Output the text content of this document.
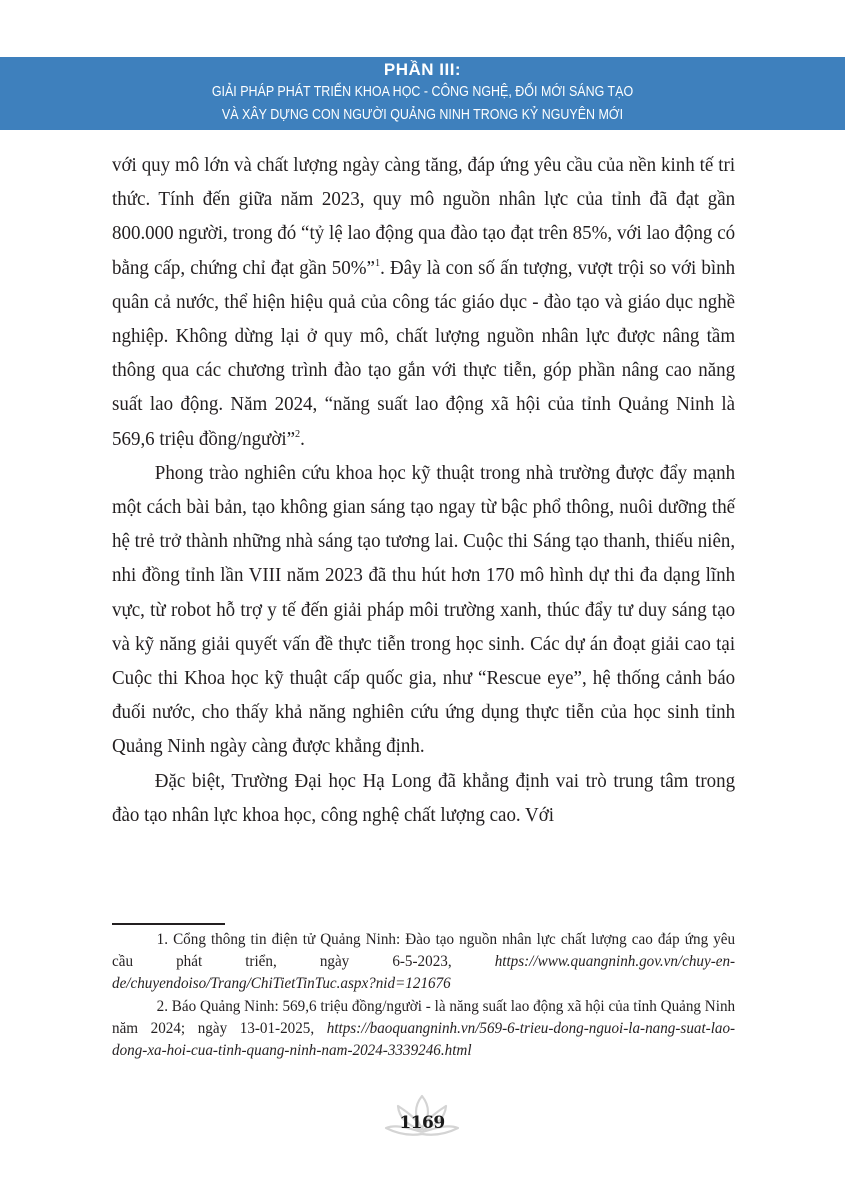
PHẦN III:
GIẢI PHÁP PHÁT TRIỂN KHOA HỌC - CÔNG NGHỆ, ĐỔI MỚI SÁNG TẠO
VÀ XÂY DỰNG CON NGƯỜI QUẢNG NINH TRONG KỶ NGUYÊN MỚI

với quy mô lớn và chất lượng ngày càng tăng, đáp ứng yêu cầu của nền kinh tế tri thức. Tính đến giữa năm 2023, quy mô nguồn nhân lực của tỉnh đã đạt gần 800.000 người, trong đó “tỷ lệ lao động qua đào tạo đạt trên 85%, với lao động có bằng cấp, chứng chỉ đạt gần 50%”$^1$. Đây là con số ấn tượng, vượt trội so với bình quân cả nước, thể hiện hiệu quả của công tác giáo dục - đào tạo và giáo dục nghề nghiệp. Không dừng lại ở quy mô, chất lượng nguồn nhân lực được nâng tầm thông qua các chương trình đào tạo gắn với thực tiễn, góp phần nâng cao năng suất lao động. Năm 2024, “năng suất lao động xã hội của tỉnh Quảng Ninh là 569,6 triệu đồng/người”$^2$.

Phong trào nghiên cứu khoa học kỹ thuật trong nhà trường được đẩy mạnh một cách bài bản, tạo không gian sáng tạo ngay từ bậc phổ thông, nuôi dưỡng thế hệ trẻ trở thành những nhà sáng tạo tương lai. Cuộc thi Sáng tạo thanh, thiếu niên, nhi đồng tỉnh lần VIII năm 2023 đã thu hút hơn 170 mô hình dự thi đa dạng lĩnh vực, từ robot hỗ trợ y tế đến giải pháp môi trường xanh, thúc đẩy tư duy sáng tạo và kỹ năng giải quyết vấn đề thực tiễn trong học sinh. Các dự án đoạt giải cao tại Cuộc thi Khoa học kỹ thuật cấp quốc gia, như “Rescue eye”, hệ thống cảnh báo đuối nước, cho thấy khả năng nghiên cứu ứng dụng thực tiễn của học sinh tỉnh Quảng Ninh ngày càng được khẳng định.

Đặc biệt, Trường Đại học Hạ Long đã khẳng định vai trò trung tâm trong đào tạo nhân lực khoa học, công nghệ chất lượng cao. Với

1. Cổng thông tin điện tử Quảng Ninh: Đào tạo nguồn nhân lực chất lượng cao đáp ứng yêu cầu phát triển, ngày 6-5-2023, https://www.quangninh.gov.vn/chuy-en-de/chuyendoiso/Trang/ChiTietTinTuc.aspx?nid=121676

2. Báo Quảng Ninh: 569,6 triệu đồng/người - là năng suất lao động xã hội của tỉnh Quảng Ninh năm 2024; ngày 13-01-2025, https://baoquangninh.vn/569-6-trieu-dong-nguoi-la-nang-suat-lao-dong-xa-hoi-cua-tinh-quang-ninh-nam-2024-3339246.html

1169
